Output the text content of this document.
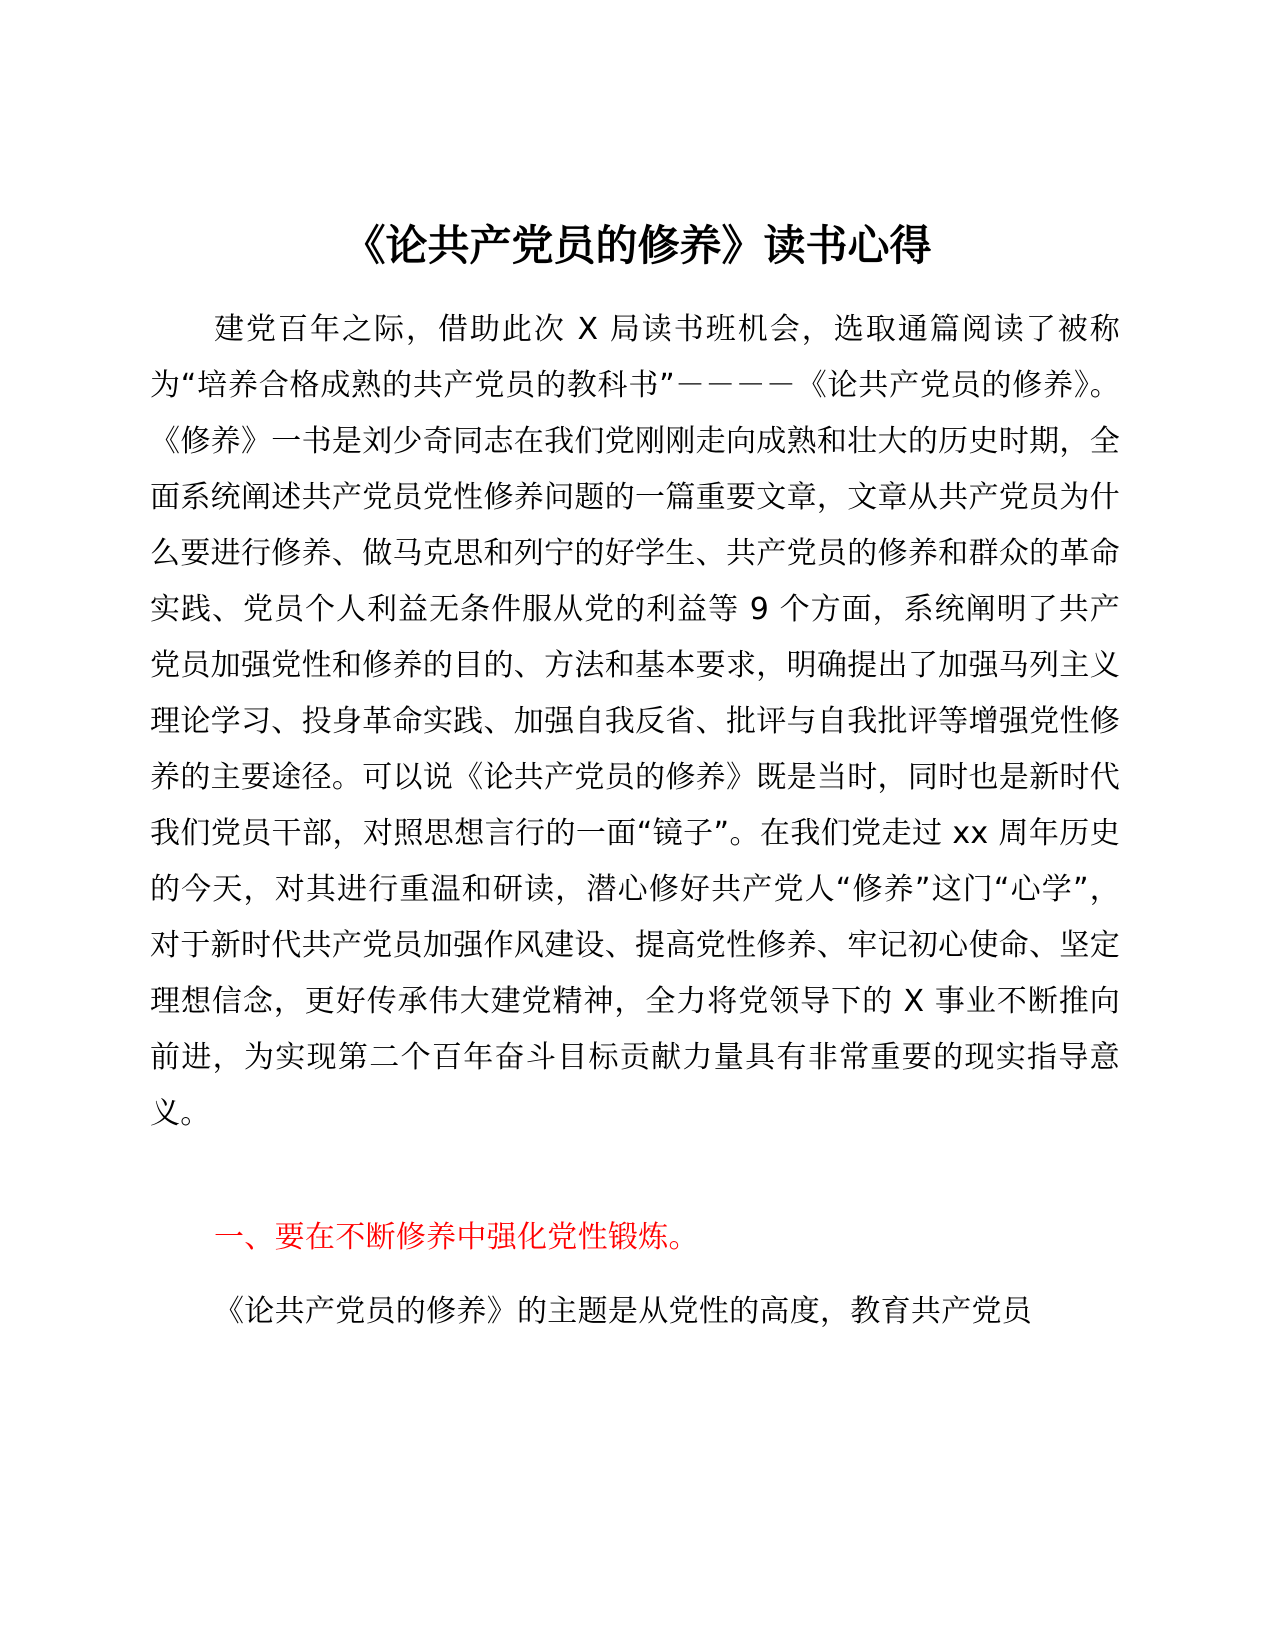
《论共产党员的修养》读书心得

建党百年之际，借助此次 X 局读书班机会，选取通篇阅读了被称为“培养合格成熟的共产党员的教科书”－－－－《论共产党员的修养》。《修养》一书是刘少奇同志在我们党刚刚走向成熟和壮大的历史时期，全面系统阐述共产党员党性修养问题的一篇重要文章，文章从共产党员为什么要进行修养、做马克思和列宁的好学生、共产党员的修养和群众的革命实践、党员个人利益无条件服从党的利益等 9 个方面，系统阐明了共产党员加强党性和修养的目的、方法和基本要求，明确提出了加强马列主义理论学习、投身革命实践、加强自我反省、批评与自我批评等增强党性修养的主要途径。可以说《论共产党员的修养》既是当时，同时也是新时代我们党员干部，对照思想言行的一面“镜子”。在我们党走过 xx 周年历史的今天，对其进行重温和研读，潜心修好共产党人“修养”这门“心学”，对于新时代共产党员加强作风建设、提高党性修养、牢记初心使命、坚定理想信念，更好传承伟大建党精神，全力将党领导下的 X 事业不断推向前进，为实现第二个百年奋斗目标贡献力量具有非常重要的现实指导意义。

一、要在不断修养中强化党性锻炼。

《论共产党员的修养》的主题是从党性的高度，教育共产党员
